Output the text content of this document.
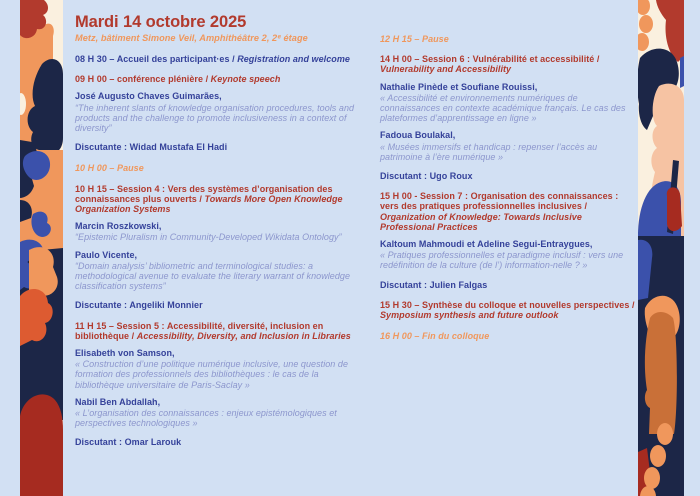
Mardi 14 octobre 2025
Metz, bâtiment Simone Veil, Amphithéâtre 2, 2ᵉ étage
08 H 30 – Accueil des participant·es / Registration and welcome
09 H 00 – conférence plénière / Keynote speech
José Augusto Chaves Guimarães,
“The inherent slants of knowledge organisation procedures, tools and products and the challenge to promote inclusiveness in a context of diversity”
Discutante : Widad Mustafa El Hadi
10 H 00 – Pause
10 H 15 – Session 4 : Vers des systèmes d’organisation des connaissances plus ouverts / Towards More Open Knowledge Organization Systems
Marcin Roszkowski,
“Epistemic Pluralism in Community-Developed Wikidata Ontology”
Paulo Vicente,
“Domain analysis’ bibliometric and terminological studies: a methodological avenue to evaluate the literary warrant of knowledge classification systems”
Discutante : Angeliki Monnier
11 H 15 – Session 5 : Accessibilité, diversité, inclusion en bibliothèque / Accessibility, Diversity, and Inclusion in Libraries
Elisabeth von Samson,
« Construction d’une politique numérique inclusive, une question de formation des professionnels des bibliothèques : le cas de la bibliothèque universitaire de Paris-Saclay »
Nabil Ben Abdallah,
« L’organisation des connaissances : enjeux epistémologiques et perspectives technologiques »
Discutant : Omar Larouk
12 H 15 – Pause
14 H 00 – Session 6 : Vulnérabilité et accessibilité / Vulnerability and Accessibility
Nathalie Pinède et Soufiane Rouissi,
« Accessibilité et environnements numériques de connaissances en contexte académique français. Le cas des plateformes d’apprentissage en ligne »
Fadoua Boulakal,
« Musées immersifs et handicap : repenser l’accès au patrimoine à l’ère numérique »
Discutant : Ugo Roux
15 H 00 - Session 7 : Organisation des connaissances : vers des pratiques professionnelles inclusives / Organization of Knowledge: Towards Inclusive Professional Practices
Kaltoum Mahmoudi et Adeline Segui-Entraygues,
« Pratiques professionnelles et paradigme inclusif : vers une redéfinition de la culture (de l’) information-nelle ? »
Discutant : Julien Falgas
15 H 30 – Synthèse du colloque et nouvelles perspectives / Symposium synthesis and future outlook
16 H 00 – Fin du colloque
